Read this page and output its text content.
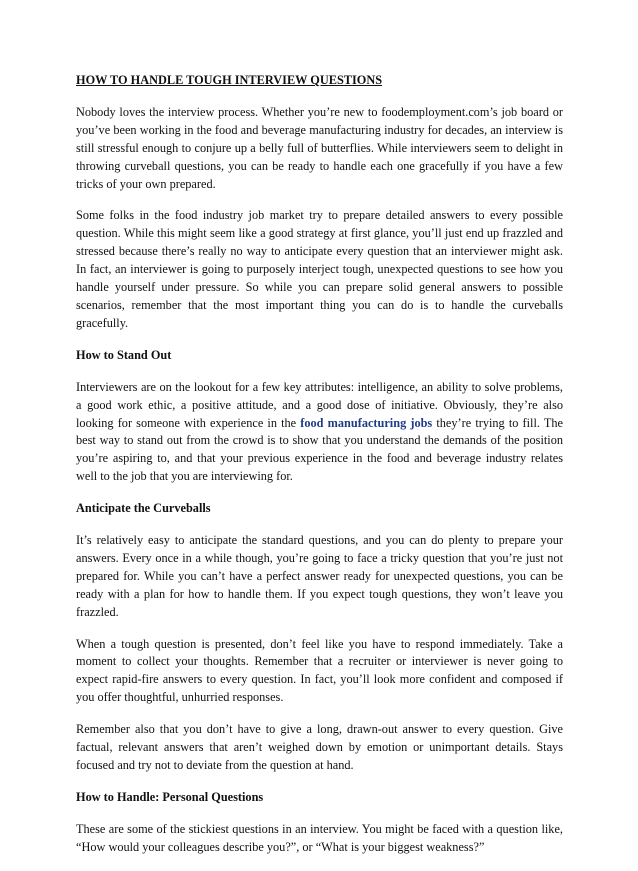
HOW TO HANDLE TOUGH INTERVIEW QUESTIONS

Nobody loves the interview process. Whether you’re new to foodemployment.com’s job board or you’ve been working in the food and beverage manufacturing industry for decades, an interview is still stressful enough to conjure up a belly full of butterflies. While interviewers seem to delight in throwing curveball questions, you can be ready to handle each one gracefully if you have a few tricks of your own prepared.

Some folks in the food industry job market try to prepare detailed answers to every possible question. While this might seem like a good strategy at first glance, you’ll just end up frazzled and stressed because there’s really no way to anticipate every question that an interviewer might ask. In fact, an interviewer is going to purposely interject tough, unexpected questions to see how you handle yourself under pressure. So while you can prepare solid general answers to possible scenarios, remember that the most important thing you can do is to handle the curveballs gracefully.

How to Stand Out

Interviewers are on the lookout for a few key attributes: intelligence, an ability to solve problems, a good work ethic, a positive attitude, and a good dose of initiative. Obviously, they’re also looking for someone with experience in the food manufacturing jobs they’re trying to fill. The best way to stand out from the crowd is to show that you understand the demands of the position you’re aspiring to, and that your previous experience in the food and beverage industry relates well to the job that you are interviewing for.

Anticipate the Curveballs

It’s relatively easy to anticipate the standard questions, and you can do plenty to prepare your answers. Every once in a while though, you’re going to face a tricky question that you’re just not prepared for. While you can’t have a perfect answer ready for unexpected questions, you can be ready with a plan for how to handle them. If you expect tough questions, they won’t leave you frazzled.

When a tough question is presented, don’t feel like you have to respond immediately. Take a moment to collect your thoughts. Remember that a recruiter or interviewer is never going to expect rapid-fire answers to every question. In fact, you’ll look more confident and composed if you offer thoughtful, unhurried responses.

Remember also that you don’t have to give a long, drawn-out answer to every question. Give factual, relevant answers that aren’t weighed down by emotion or unimportant details. Stays focused and try not to deviate from the question at hand.

How to Handle: Personal Questions

These are some of the stickiest questions in an interview. You might be faced with a question like, “How would your colleagues describe you?”, or “What is your biggest weakness?”
